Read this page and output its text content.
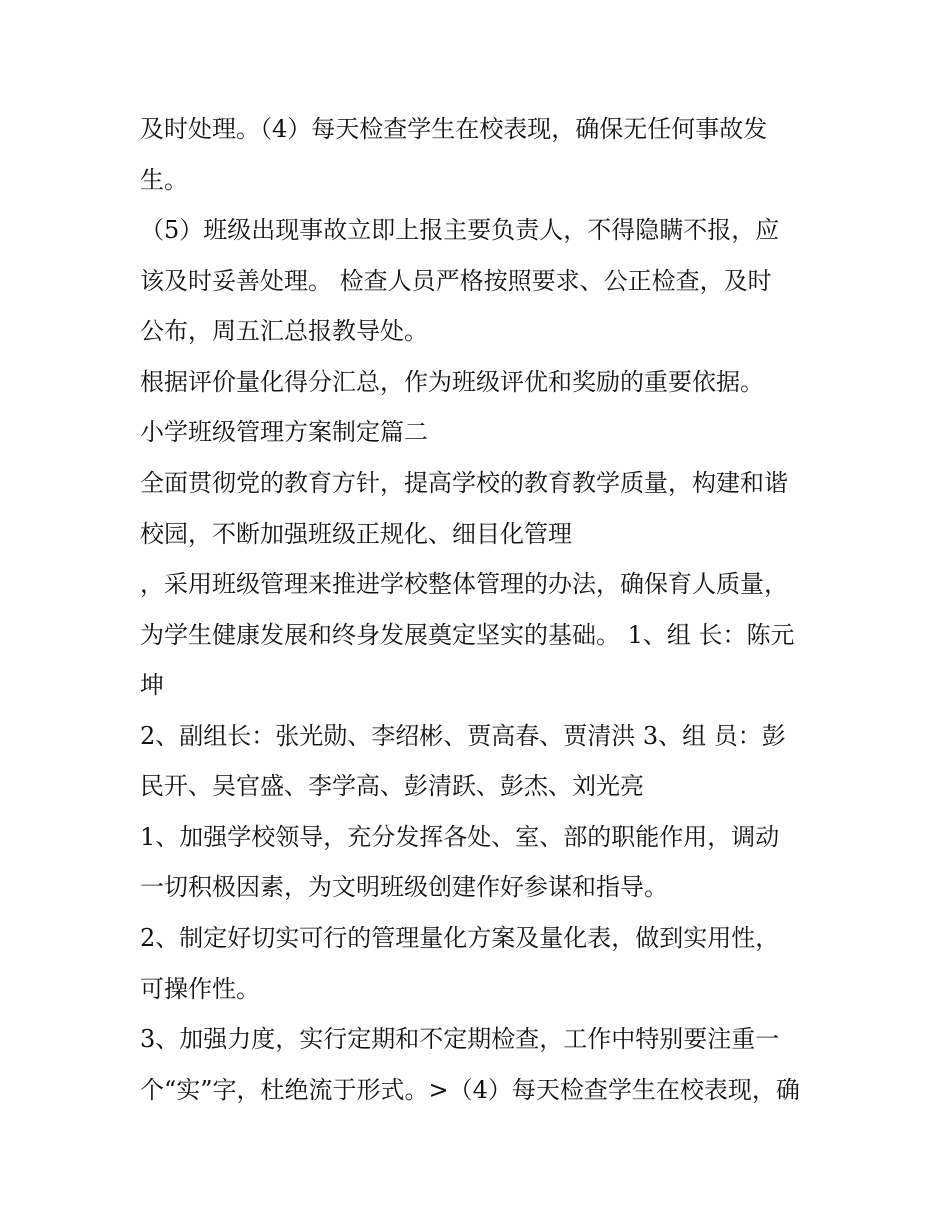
及时处理。（4）每天检查学生在校表现，确保无任何事故发

生。

（5）班级出现事故立即上报主要负责人，不得隐瞒不报，应

该及时妥善处理。 检查人员严格按照要求、公正检查，及时

公布，周五汇总报教导处。

根据评价量化得分汇总，作为班级评优和奖励的重要依据。

小学班级管理方案制定篇二

全面贯彻党的教育方针，提高学校的教育教学质量，构建和谐

校园，不断加强班级正规化、细目化管理

，采用班级管理来推进学校整体管理的办法，确保育人质量，

为学生健康发展和终身发展奠定坚实的基础。 1、组 长：陈元

坤

2、副组长：张光勋、李绍彬、贾高春、贾清洪 3、组 员：彭

民开、吴官盛、李学高、彭清跃、彭杰、刘光亮

1、加强学校领导，充分发挥各处、室、部的职能作用，调动

一切积极因素，为文明班级创建作好参谋和指导。

2、制定好切实可行的管理量化方案及量化表，做到实用性，

可操作性。

3、加强力度，实行定期和不定期检查，工作中特别要注重一

个“实”字，杜绝流于形式。>（4）每天检查学生在校表现，确
